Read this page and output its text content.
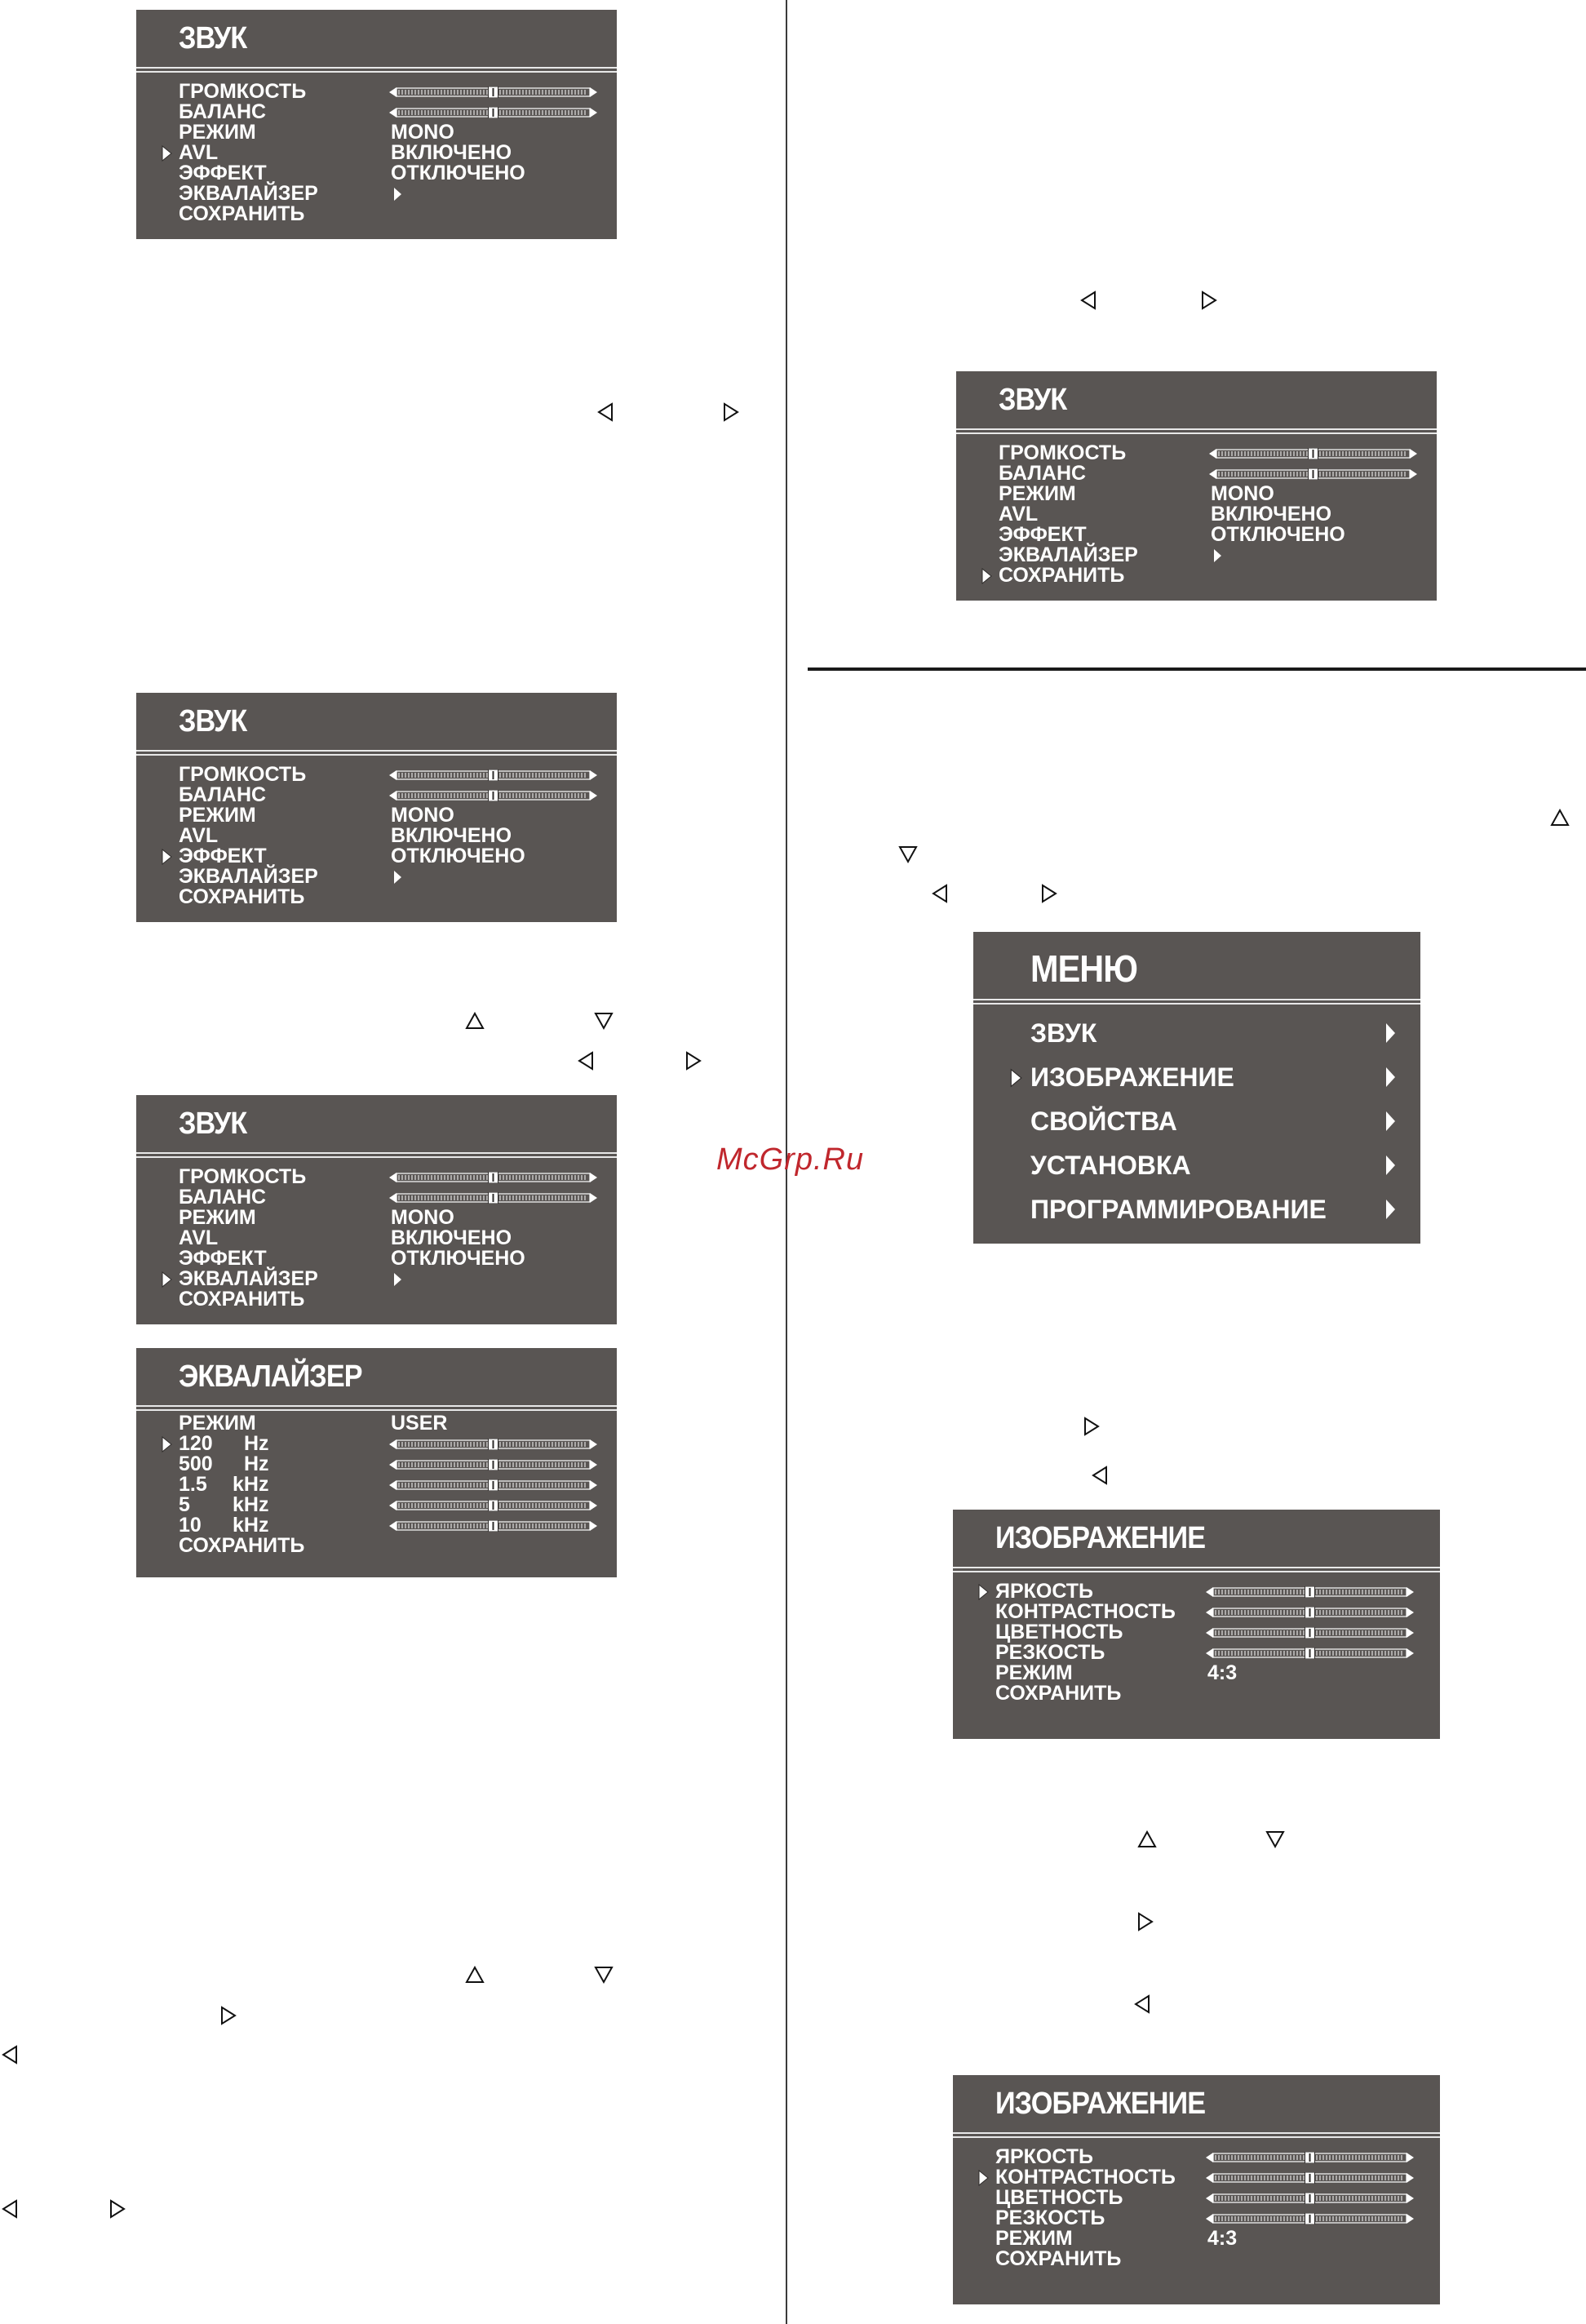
McGrp.Ru
ЗВУК
ГРОМКОСТЬ
БАЛАНС
РЕЖИМ	MONO
AVL	ВКЛЮЧЕНО
ЭФФЕКТ	ОТКЛЮЧЕНО
ЭКВАЛАЙЗЕР
СОХРАНИТЬ
ЗВУК
ГРОМКОСТЬ
БАЛАНС
РЕЖИМ	MONO
AVL	ВКЛЮЧЕНО
ЭФФЕКТ	ОТКЛЮЧЕНО
ЭКВАЛАЙЗЕР
СОХРАНИТЬ
ЗВУК
ГРОМКОСТЬ
БАЛАНС
РЕЖИМ	MONO
AVL	ВКЛЮЧЕНО
ЭФФЕКТ	ОТКЛЮЧЕНО
ЭКВАЛАЙЗЕР
СОХРАНИТЬ
ЗВУК
ГРОМКОСТЬ
БАЛАНС
РЕЖИМ	MONO
AVL	ВКЛЮЧЕНО
ЭФФЕКТ	ОТКЛЮЧЕНО
ЭКВАЛАЙЗЕР
СОХРАНИТЬ
ЭКВАЛАЙЗЕР
РЕЖИМ	USER
120 Hz
500 Hz
1.5 kHz
5 kHz
10 kHz
СОХРАНИТЬ
МЕНЮ
ЗВУК
ИЗОБРАЖЕНИЕ
СВОЙСТВА
УСТАНОВКА
ПРОГРАММИРОВАНИЕ
ИЗОБРАЖЕНИЕ
ЯРКОСТЬ
КОНТРАСТНОСТЬ
ЦВЕТНОСТЬ
РЕЗКОСТЬ
РЕЖИМ	4:3
СОХРАНИТЬ
ИЗОБРАЖЕНИЕ
ЯРКОСТЬ
КОНТРАСТНОСТЬ
ЦВЕТНОСТЬ
РЕЗКОСТЬ
РЕЖИМ	4:3
СОХРАНИТЬ
